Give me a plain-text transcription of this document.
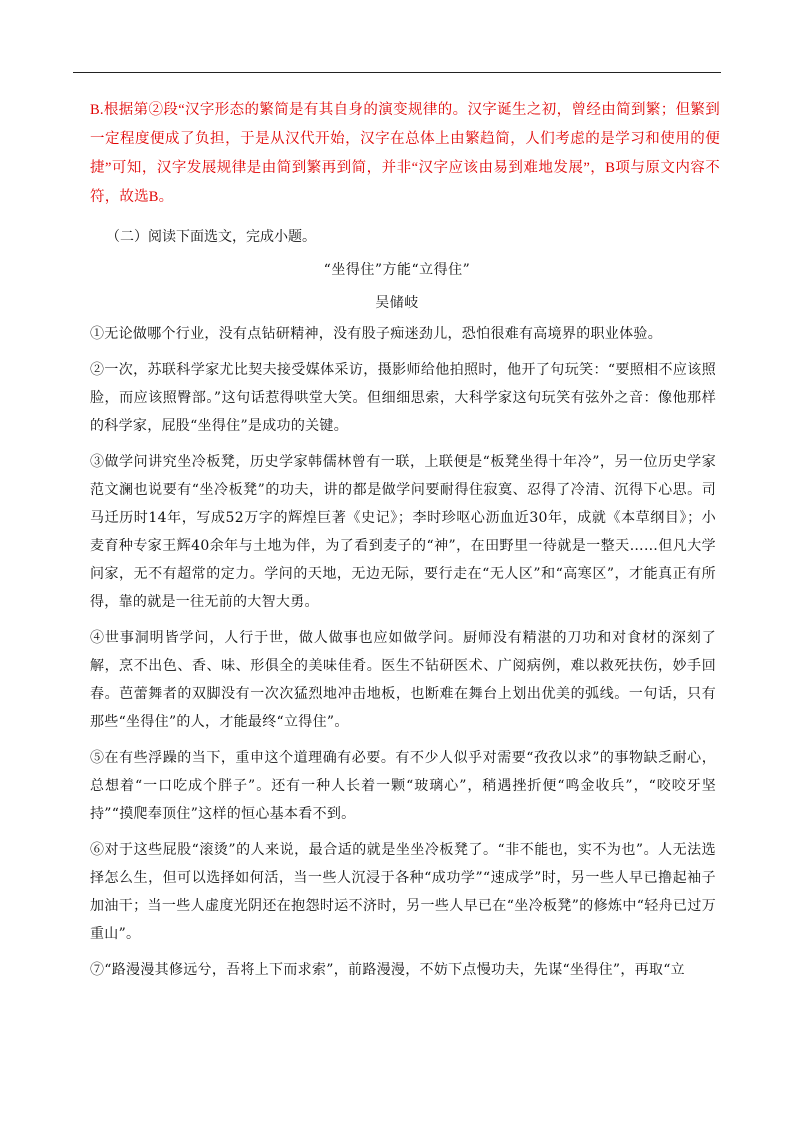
B.根据第②段“汉字形态的繁简是有其自身的演变规律的。汉字诞生之初，曾经由简到繁；但繁到一定程度便成了负担，于是从汉代开始，汉字在总体上由繁趋简，人们考虑的是学习和使用的便捷”可知，汉字发展规律是由简到繁再到简，并非“汉字应该由易到难地发展”，B项与原文内容不符，故选B。

（二）阅读下面选文，完成小题。
“坐得住”方能“立得住”
吴储岐

①无论做哪个行业，没有点钻研精神，没有股子痴迷劲儿，恐怕很难有高境界的职业体验。

②一次，苏联科学家尤比契夫接受媒体采访，摄影师给他拍照时，他开了句玩笑：“要照相不应该照脸，而应该照臀部。”这句话惹得哄堂大笑。但细细思索，大科学家这句玩笑有弦外之音：像他那样的科学家，屁股“坐得住”是成功的关键。

③做学问讲究坐冷板凳，历史学家韩儒林曾有一联，上联便是“板凳坐得十年冷”，另一位历史学家范文澜也说要有“坐冷板凳”的功夫，讲的都是做学问要耐得住寂寞、忍得了冷清、沉得下心思。司马迁历时14年，写成52万字的辉煌巨著《史记》；李时珍呕心沥血近30年，成就《本草纲目》；小麦育种专家王辉40余年与土地为伴，为了看到麦子的“神”，在田野里一待就是一整天……但凡大学问家，无不有超常的定力。学问的天地，无边无际，要行走在“无人区”和“高寒区”，才能真正有所得，靠的就是一往无前的大智大勇。

④世事洞明皆学问，人行于世，做人做事也应如做学问。厨师没有精湛的刀功和对食材的深刻了解，烹不出色、香、味、形俱全的美味佳肴。医生不钻研医术、广阅病例，难以救死扶伤，妙手回春。芭蕾舞者的双脚没有一次次猛烈地冲击地板，也断难在舞台上划出优美的弧线。一句话，只有那些“坐得住”的人，才能最终“立得住”。

⑤在有些浮躁的当下，重申这个道理确有必要。有不少人似乎对需要“孜孜以求”的事物缺乏耐心，总想着“一口吃成个胖子”。还有一种人长着一颗“玻璃心”，稍遇挫折便“鸣金收兵”，“咬咬牙坚持”“摸爬奉顶住”这样的恒心基本看不到。

⑥对于这些屁股“滚烫”的人来说，最合适的就是坐坐冷板凳了。“非不能也，实不为也”。人无法选择怎么生，但可以选择如何活，当一些人沉浸于各种“成功学”“速成学”时，另一些人早已撸起袖子加油干；当一些人虚度光阴还在抱怨时运不济时，另一些人早已在“坐冷板凳”的修炼中“轻舟已过万重山”。

⑦“路漫漫其修远兮，吾将上下而求索”，前路漫漫，不妨下点慢功夫，先谋“坐得住”，再取“立
